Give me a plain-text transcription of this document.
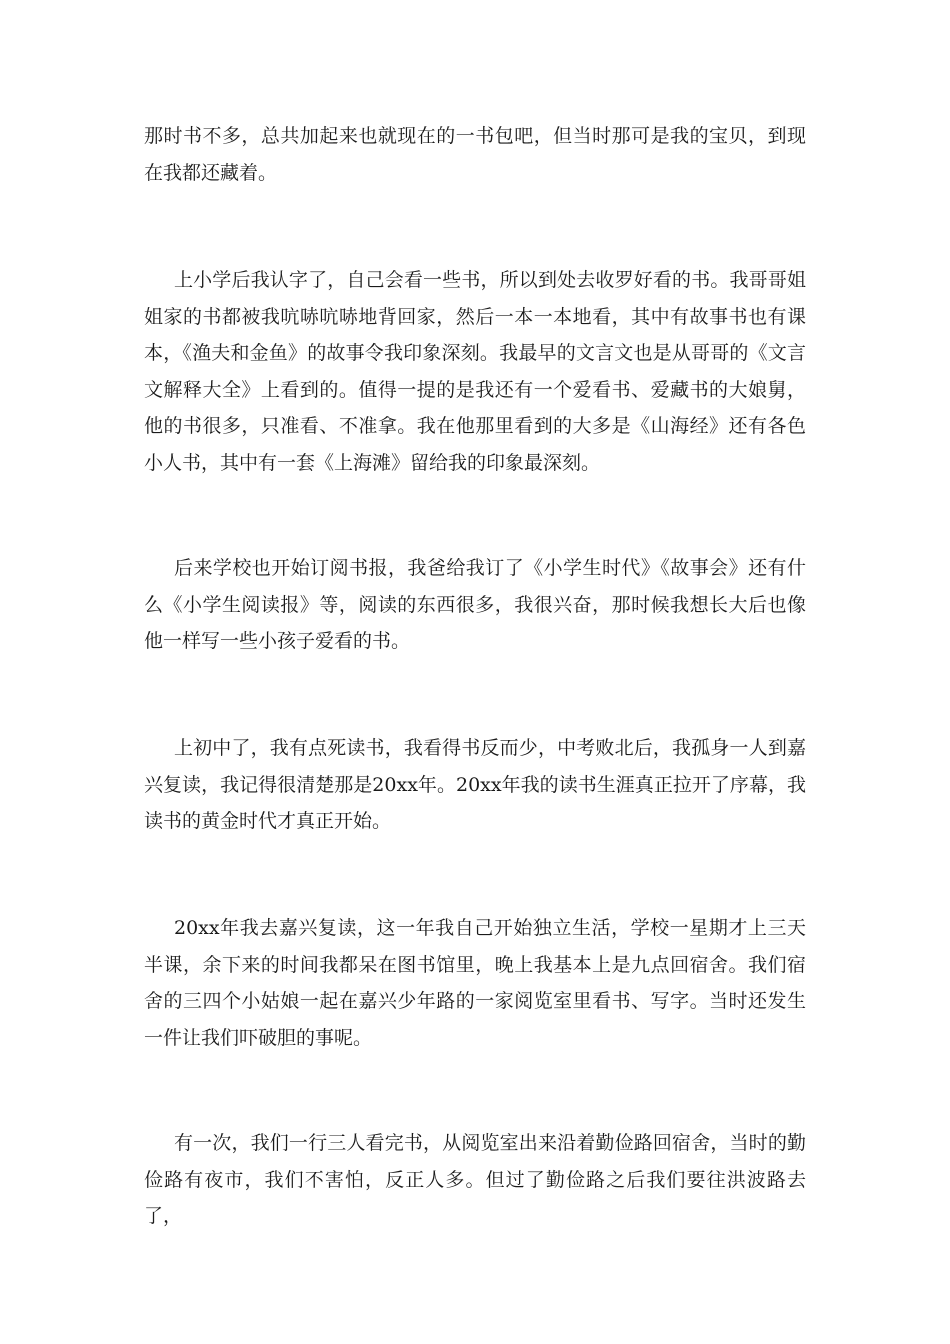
那时书不多，总共加起来也就现在的一书包吧，但当时那可是我的宝贝，到现在我都还藏着。

上小学后我认字了，自己会看一些书，所以到处去收罗好看的书。我哥哥姐姐家的书都被我吭哧吭哧地背回家，然后一本一本地看，其中有故事书也有课本，《渔夫和金鱼》的故事令我印象深刻。我最早的文言文也是从哥哥的《文言文解释大全》上看到的。值得一提的是我还有一个爱看书、爱藏书的大娘舅，他的书很多，只准看、不准拿。我在他那里看到的大多是《山海经》还有各色小人书，其中有一套《上海滩》留给我的印象最深刻。

后来学校也开始订阅书报，我爸给我订了《小学生时代》《故事会》还有什么《小学生阅读报》等，阅读的东西很多，我很兴奋，那时候我想长大后也像他一样写一些小孩子爱看的书。

上初中了，我有点死读书，我看得书反而少，中考败北后，我孤身一人到嘉兴复读，我记得很清楚那是20xx年。20xx年我的读书生涯真正拉开了序幕，我读书的黄金时代才真正开始。

20xx年我去嘉兴复读，这一年我自己开始独立生活，学校一星期才上三天半课，余下来的时间我都呆在图书馆里，晚上我基本上是九点回宿舍。我们宿舍的三四个小姑娘一起在嘉兴少年路的一家阅览室里看书、写字。当时还发生一件让我们吓破胆的事呢。

有一次，我们一行三人看完书，从阅览室出来沿着勤俭路回宿舍，当时的勤俭路有夜市，我们不害怕，反正人多。但过了勤俭路之后我们要往洪波路去了，
